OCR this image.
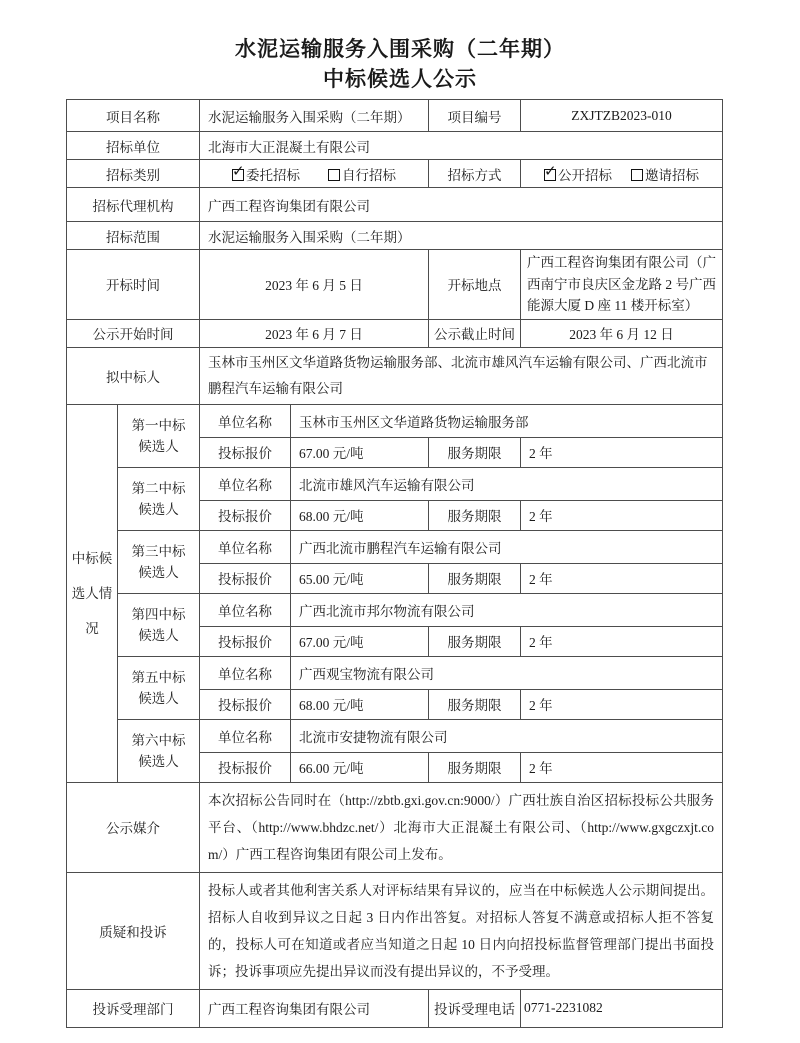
水泥运输服务入围采购（二年期）
中标候选人公示
项目名称		水泥运输服务入围采购（二年期）		项目编号	ZXJTZB2023-010
招标单位		北海市大正混凝土有限公司			
招标类别		✓ 委托招标 自行招标		招标方式	✓ 公开招标 邀请招标

招标代理机构		广西工程咨询集团有限公司			
招标范围		水泥运输服务入围采购（二年期）			
开标时间		2023 年 6 月 5 日		开标地点	广西工程咨询集团有限公司（广西南宁市良庆区金龙路 2 号广西能源大厦 D 座 11 楼开标室）
公示开始时间		2023 年 6 月 7 日		公示截止时间	2023 年 6 月 12 日
拟中标人		玉林市玉州区文华道路货物运输服务部、北流市雄风汽车运输有限公司、广西北流市鹏程汽车运输有限公司			
中标候选人情况	第一中标候选人	单位名称	玉林市玉州区文华道路货物运输服务部		
		投标报价	67.00 元/吨	服务期限	2 年
	第二中标候选人	单位名称	北流市雄风汽车运输有限公司		
		投标报价	68.00 元/吨	服务期限	2 年
	第三中标候选人	单位名称	广西北流市鹏程汽车运输有限公司		
		投标报价	65.00 元/吨	服务期限	2 年
	第四中标候选人	单位名称	广西北流市邦尔物流有限公司		
		投标报价	67.00 元/吨	服务期限	2 年
	第五中标候选人	单位名称	广西观宝物流有限公司		
		投标报价	68.00 元/吨	服务期限	2 年
	第六中标候选人	单位名称	北流市安捷物流有限公司		
		投标报价	66.00 元/吨	服务期限	2 年
公示媒介		本次招标公告同时在（http://zbtb.gxi.gov.cn:9000/）广西壮族自治区招标投标公共服务平台、（http://www.bhdzc.net/）北海市大正混凝土有限公司、（http://www.gxgczxjt.com/）广西工程咨询集团有限公司上发布。			
质疑和投诉		投标人或者其他利害关系人对评标结果有异议的，应当在中标候选人公示期间提出。招标人自收到异议之日起 3 日内作出答复。对招标人答复不满意或招标人拒不答复的，投标人可在知道或者应当知道之日起 10 日内向招投标监督管理部门提出书面投诉；投诉事项应先提出异议而没有提出异议的，不予受理。			
投诉受理部门		广西工程咨询集团有限公司		投诉受理电话	0771-2231082
